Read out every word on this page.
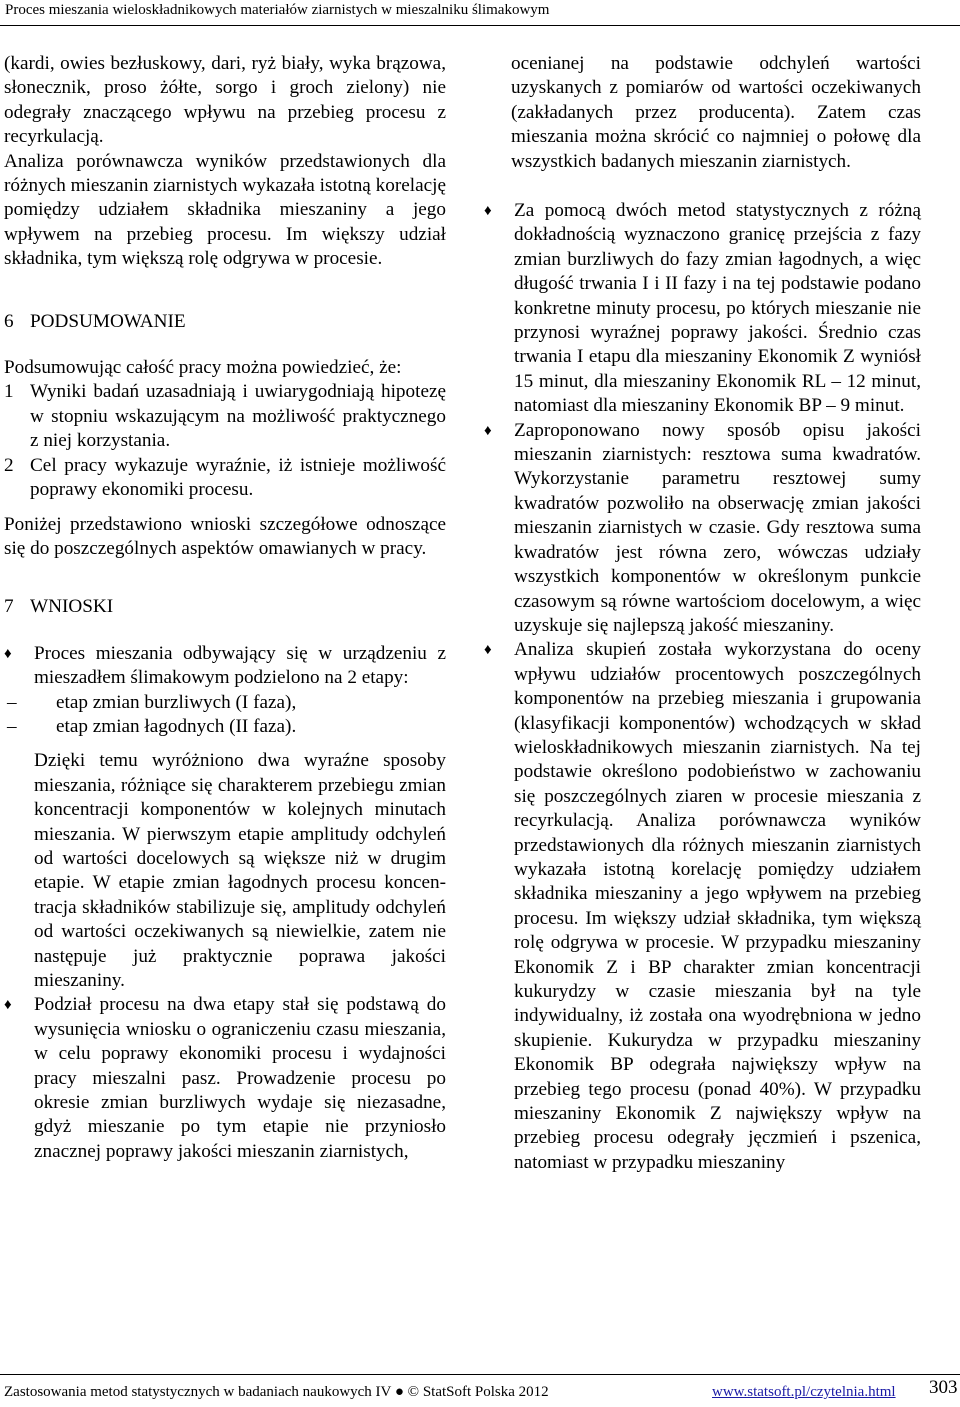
Proces mieszania wieloskładnikowych materiałów ziarnistych w mieszalniku ślimakowym

(kardi, owies bezłuskowy, dari, ryż biały, wyka brązowa, słonecznik, proso żółte, sorgo i groch zielony) nie odegrały znaczącego wpływu na przebieg procesu z recyrkulacją.

Analiza porównawcza wyników przedstawionych dla różnych mieszanin ziarnistych wykazała istotną korelację pomiędzy udziałem składnika mieszaniny a jego wpływem na przebieg procesu. Im większy udział składnika, tym większą rolę odgrywa w procesie.

6 PODSUMOWANIE

Podsumowując całość pracy można powiedzieć, że:

1 Wyniki badań uzasadniają i uwiarygodniają hipotezę w stopniu wskazującym na możliwość praktycznego z niej korzystania.
2 Cel pracy wykazuje wyraźnie, iż istnieje możliwość poprawy ekonomiki procesu.

Poniżej przedstawiono wnioski szczegółowe odnoszące się do poszczególnych aspektów omawianych w pracy.

7 WNIOSKI
♦	Proces mieszania odbywający się w urządzeniu z mieszadłem ślimakowym podzielono na 2 etapy:
–	etap zmian burzliwych (I faza),
–	etap zmian łagodnych (II faza).

Dzięki temu wyróżniono dwa wyraźne sposoby mieszania, różniące się charakterem przebiegu zmian koncentracji komponentów w kolejnych minutach mieszania. W pierwszym etapie amplitudy odchyleń od wartości docelowych są większe niż w drugim etapie. W etapie zmian łagodnych procesu koncentracja składników stabilizuje się, amplitudy odchyleń od wartości oczekiwanych są niewielkie, zatem nie następuje już praktycznie poprawa jakości mieszaniny.

♦	Podział procesu na dwa etapy stał się podstawą do wysunięcia wniosku o ograniczeniu czasu mieszania, w celu poprawy ekonomiki procesu i wydajności pracy mieszalni pasz. Prowadzenie procesu po okresie zmian burzliwych wydaje się niezasadne, gdyż mieszanie po tym etapie nie przyniosło znacznej poprawy jakości mieszanin ziarnistych,

ocenianej na podstawie odchyleń wartości uzyskanych z pomiarów od wartości oczekiwanych (zakładanych przez producenta). Zatem czas mieszania można skrócić co najmniej o połowę dla wszystkich badanych mieszanin ziarnistych.

♦	Za pomocą dwóch metod statystycznych z różną dokładnością wyznaczono granicę przejścia z fazy zmian burzliwych do fazy zmian łagodnych, a więc długość trwania I i II fazy i na tej podstawie podano konkretne minuty procesu, po których mieszanie nie przynosi wyraźnej poprawy jakości. Średnio czas trwania I etapu dla mieszaniny Ekonomik Z wyniósł 15 minut, dla mieszaniny Ekonomik RL – 12 minut, natomiast dla mieszaniny Ekonomik BP – 9 minut.
♦	Zaproponowano nowy sposób opisu jakości mieszanin ziarnistych: resztowa suma kwadratów. Wykorzystanie parametru resztowej sumy kwadratów pozwoliło na obserwację zmian jakości mieszanin ziarnistych w czasie. Gdy resztowa suma kwadratów jest równa zero, wówczas udziały wszystkich komponentów w określonym punkcie czasowym są równe wartościom docelowym, a więc uzyskuje się najlepszą jakość mieszaniny.
♦	Analiza skupień została wykorzystana do oceny wpływu udziałów procentowych poszczególnych komponentów na przebieg mieszania i grupowania (klasyfikacji komponentów) wchodzących w skład wieloskładnikowych mieszanin ziarnistych. Na tej podstawie określono podobieństwo w zachowaniu się poszczególnych ziaren w procesie mieszania z recyrkulacją. Analiza porównawcza wyników przedstawionych dla różnych mieszanin ziarnistych wykazała istotną korelację pomiędzy udziałem składnika mieszaniny a jego wpływem na przebieg procesu. Im większy udział składnika, tym większą rolę odgrywa w procesie. W przypadku mieszaniny Ekonomik Z i BP charakter zmian koncentracji kukurydzy w czasie mieszania był na tyle indywidualny, iż została ona wyodrębniona w jedno skupienie. Kukurydza w przypadku mieszaniny Ekonomik BP odegrała największy wpływ na przebieg tego procesu (ponad 40%). W przypadku mieszaniny Ekonomik Z największy wpływ na przebieg procesu odegrały jęczmień i pszenica, natomiast w przypadku mieszaniny
Zastosowania metod statystycznych w badaniach naukowych IV ● © StatSoft Polska 2012	www.statsoft.pl/czytelnia.html 303
